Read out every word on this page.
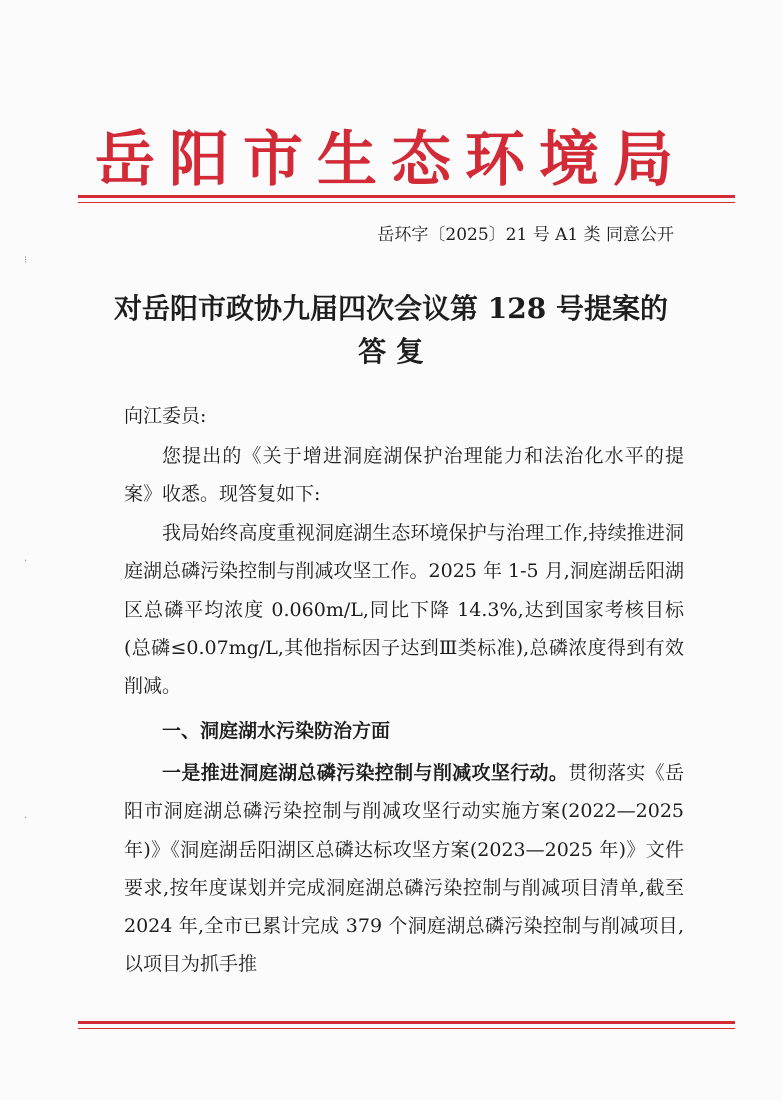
岳阳市生态环境局
岳环字〔2025〕21 号 A1 类 同意公开
对岳阳市政协九届四次会议第 128 号提案的
答 复
向江委员:
您提出的《关于增进洞庭湖保护治理能力和法治化水平的提案》收悉。现答复如下:
我局始终高度重视洞庭湖生态环境保护与治理工作,持续推进洞庭湖总磷污染控制与削减攻坚工作。2025 年 1-5 月,洞庭湖岳阳湖区总磷平均浓度 0.060m/L,同比下降 14.3%,达到国家考核目标(总磷≤0.07mg/L,其他指标因子达到Ⅲ类标准),总磷浓度得到有效削减。
一、洞庭湖水污染防治方面
一是推进洞庭湖总磷污染控制与削减攻坚行动。贯彻落实《岳阳市洞庭湖总磷污染控制与削减攻坚行动实施方案(2022—2025 年)》《洞庭湖岳阳湖区总磷达标攻坚方案(2023—2025 年)》文件要求,按年度谋划并完成洞庭湖总磷污染控制与削减项目清单,截至 2024 年,全市已累计完成 379 个洞庭湖总磷污染控制与削减项目,以项目为抓手推
⁝
·
·
